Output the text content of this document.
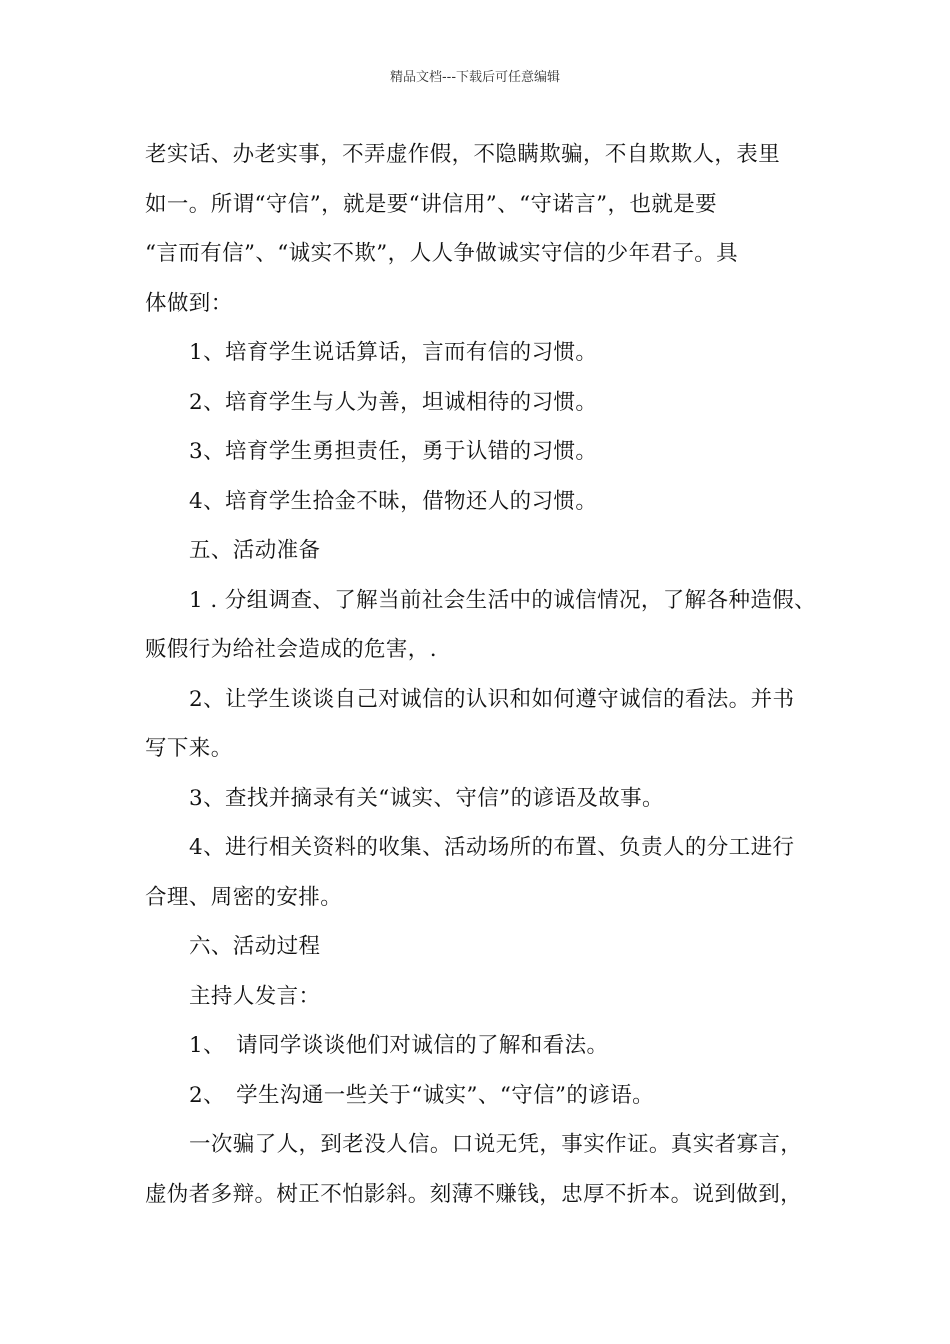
精品文档---下载后可任意编辑
老实话、办老实事，不弄虚作假，不隐瞒欺骗，不自欺欺人，表里
如一。所谓“守信”，就是要“讲信用”、“守诺言”，也就是要
“言而有信”、“诚实不欺”，人人争做诚实守信的少年君子。具
体做到：
1、培育学生说话算话，言而有信的习惯。
2、培育学生与人为善，坦诚相待的习惯。
3、培育学生勇担责任，勇于认错的习惯。
4、培育学生拾金不昧，借物还人的习惯。
五、活动准备
1 . 分组调查、了解当前社会生活中的诚信情况，了解各种造假、
贩假行为给社会造成的危害，.
2、让学生谈谈自己对诚信的认识和如何遵守诚信的看法。并书
写下来。
3、查找并摘录有关“诚实、守信”的谚语及故事。
4、进行相关资料的收集、活动场所的布置、负责人的分工进行
合理、周密的安排。
六、活动过程
主持人发言：
1、　请同学谈谈他们对诚信的了解和看法。
2、　学生沟通一些关于“诚实”、“守信”的谚语。
一次骗了人，到老没人信。口说无凭，事实作证。真实者寡言，
虚伪者多辩。树正不怕影斜。刻薄不赚钱，忠厚不折本。说到做到，
